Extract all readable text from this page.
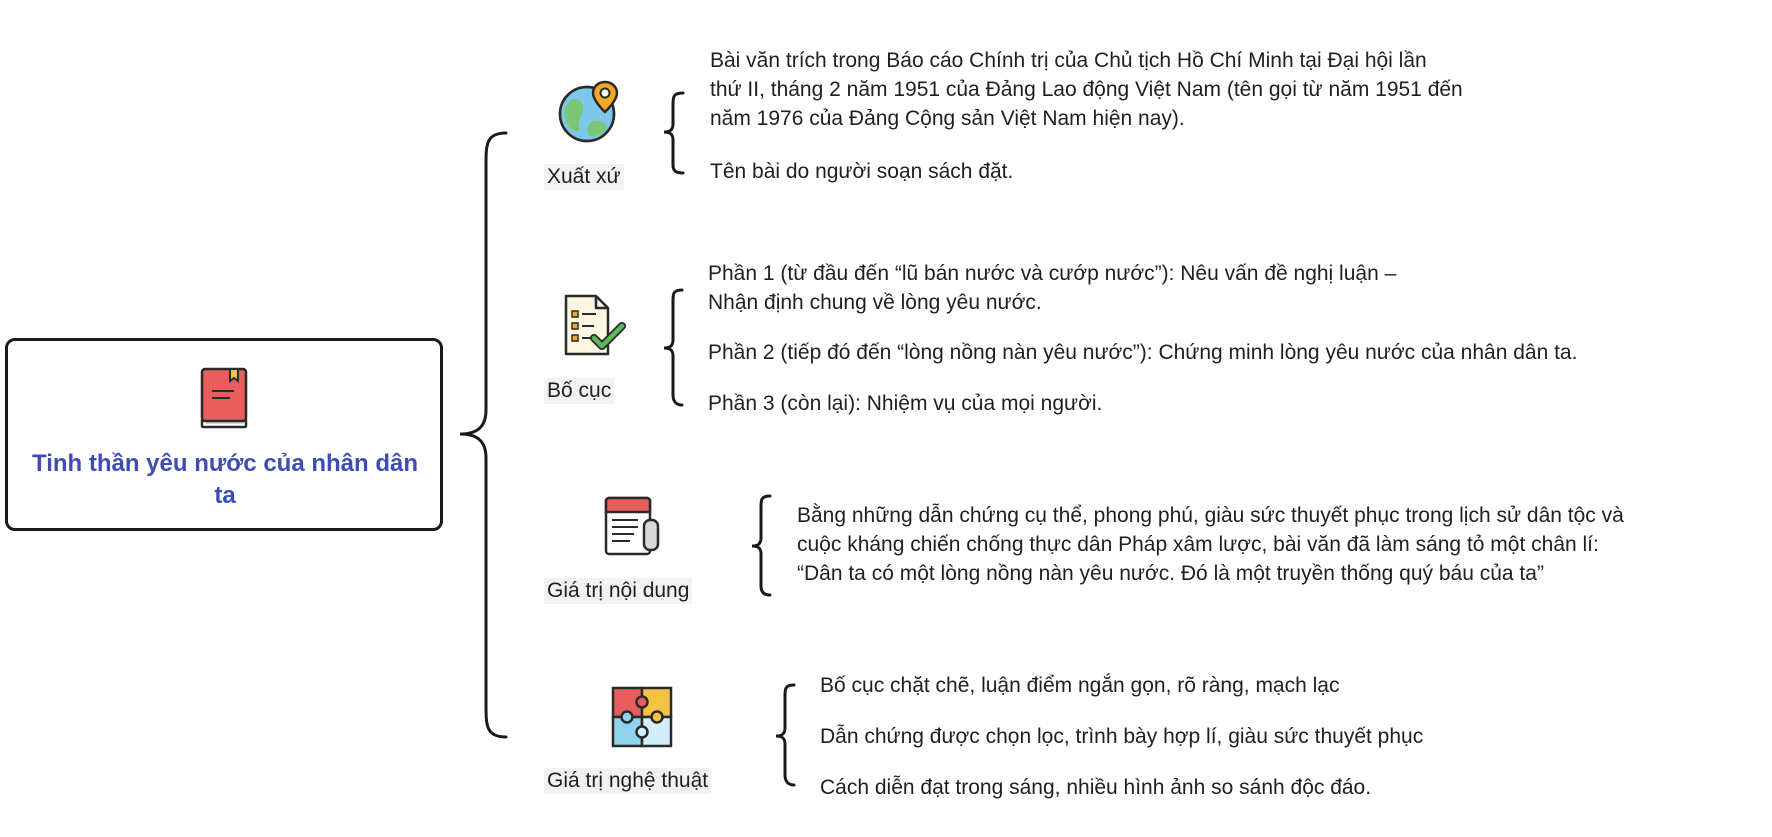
Tinh thần yêu nước của nhân dân ta
Xuất xứ
Bài văn trích trong Báo cáo Chính trị của Chủ tịch Hồ Chí Minh tại Đại hội lần
thứ II, tháng 2 năm 1951 của Đảng Lao động Việt Nam (tên gọi từ năm 1951 đến
năm 1976 của Đảng Cộng sản Việt Nam hiện nay).
Tên bài do người soạn sách đặt.
Bố cục
Phần 1 (từ đầu đến “lũ bán nước và cướp nước”): Nêu vấn đề nghị luận –
Nhận định chung về lòng yêu nước.
Phần 2 (tiếp đó đến “lòng nồng nàn yêu nước”): Chứng minh lòng yêu nước của nhân dân ta.
Phần 3 (còn lại): Nhiệm vụ của mọi người.
Giá trị nội dung
Bằng những dẫn chứng cụ thể, phong phú, giàu sức thuyết phục trong lịch sử dân tộc và
cuộc kháng chiến chống thực dân Pháp xâm lược, bài văn đã làm sáng tỏ một chân lí:
“Dân ta có một lòng nồng nàn yêu nước. Đó là một truyền thống quý báu của ta”
Giá trị nghệ thuật
Bố cục chặt chẽ, luận điểm ngắn gọn, rõ ràng, mạch lạc
Dẫn chứng được chọn lọc, trình bày hợp lí, giàu sức thuyết phục
Cách diễn đạt trong sáng, nhiều hình ảnh so sánh độc đáo.
